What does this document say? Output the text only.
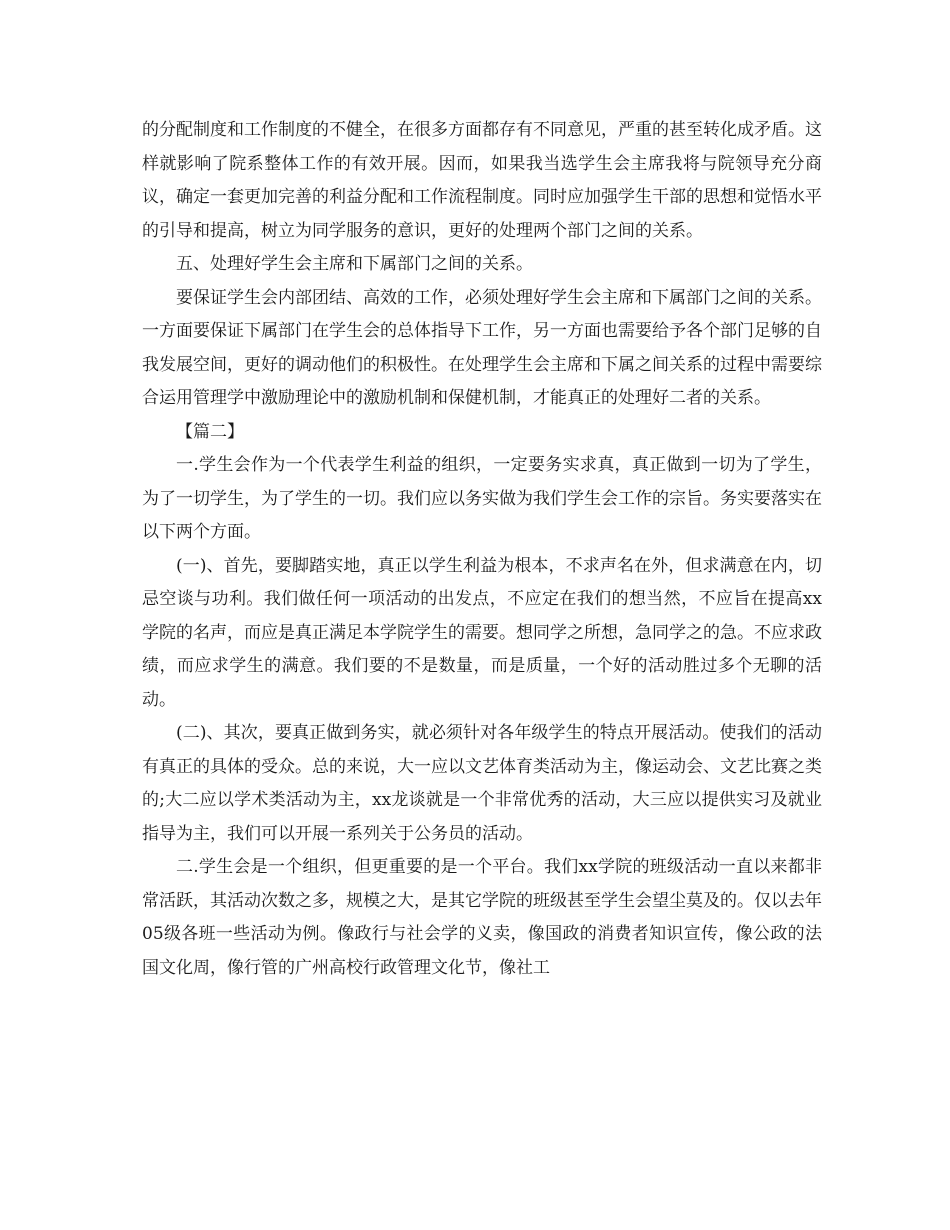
的分配制度和工作制度的不健全，在很多方面都存有不同意见，严重的甚至转化成矛盾。这样就影响了院系整体工作的有效开展。因而，如果我当选学生会主席我将与院领导充分商议，确定一套更加完善的利益分配和工作流程制度。同时应加强学生干部的思想和觉悟水平的引导和提高，树立为同学服务的意识，更好的处理两个部门之间的关系。

五、处理好学生会主席和下属部门之间的关系。

要保证学生会内部团结、高效的工作，必须处理好学生会主席和下属部门之间的关系。一方面要保证下属部门在学生会的总体指导下工作，另一方面也需要给予各个部门足够的自我发展空间，更好的调动他们的积极性。在处理学生会主席和下属之间关系的过程中需要综合运用管理学中激励理论中的激励机制和保健机制，才能真正的处理好二者的关系。

【篇二】

一.学生会作为一个代表学生利益的组织，一定要务实求真，真正做到一切为了学生，为了一切学生，为了学生的一切。我们应以务实做为我们学生会工作的宗旨。务实要落实在以下两个方面。

(一)、首先，要脚踏实地，真正以学生利益为根本，不求声名在外，但求满意在内，切忌空谈与功利。我们做任何一项活动的出发点，不应定在我们的想当然，不应旨在提高xx学院的名声，而应是真正满足本学院学生的需要。想同学之所想，急同学之的急。不应求政绩，而应求学生的满意。我们要的不是数量，而是质量，一个好的活动胜过多个无聊的活动。

(二)、其次，要真正做到务实，就必须针对各年级学生的特点开展活动。使我们的活动有真正的具体的受众。总的来说，大一应以文艺体育类活动为主，像运动会、文艺比赛之类的;大二应以学术类活动为主，xx龙谈就是一个非常优秀的活动，大三应以提供实习及就业指导为主，我们可以开展一系列关于公务员的活动。

二.学生会是一个组织，但更重要的是一个平台。我们xx学院的班级活动一直以来都非常活跃，其活动次数之多，规模之大，是其它学院的班级甚至学生会望尘莫及的。仅以去年05级各班一些活动为例。像政行与社会学的义卖，像国政的消费者知识宣传，像公政的法国文化周，像行管的广州高校行政管理文化节，像社工
